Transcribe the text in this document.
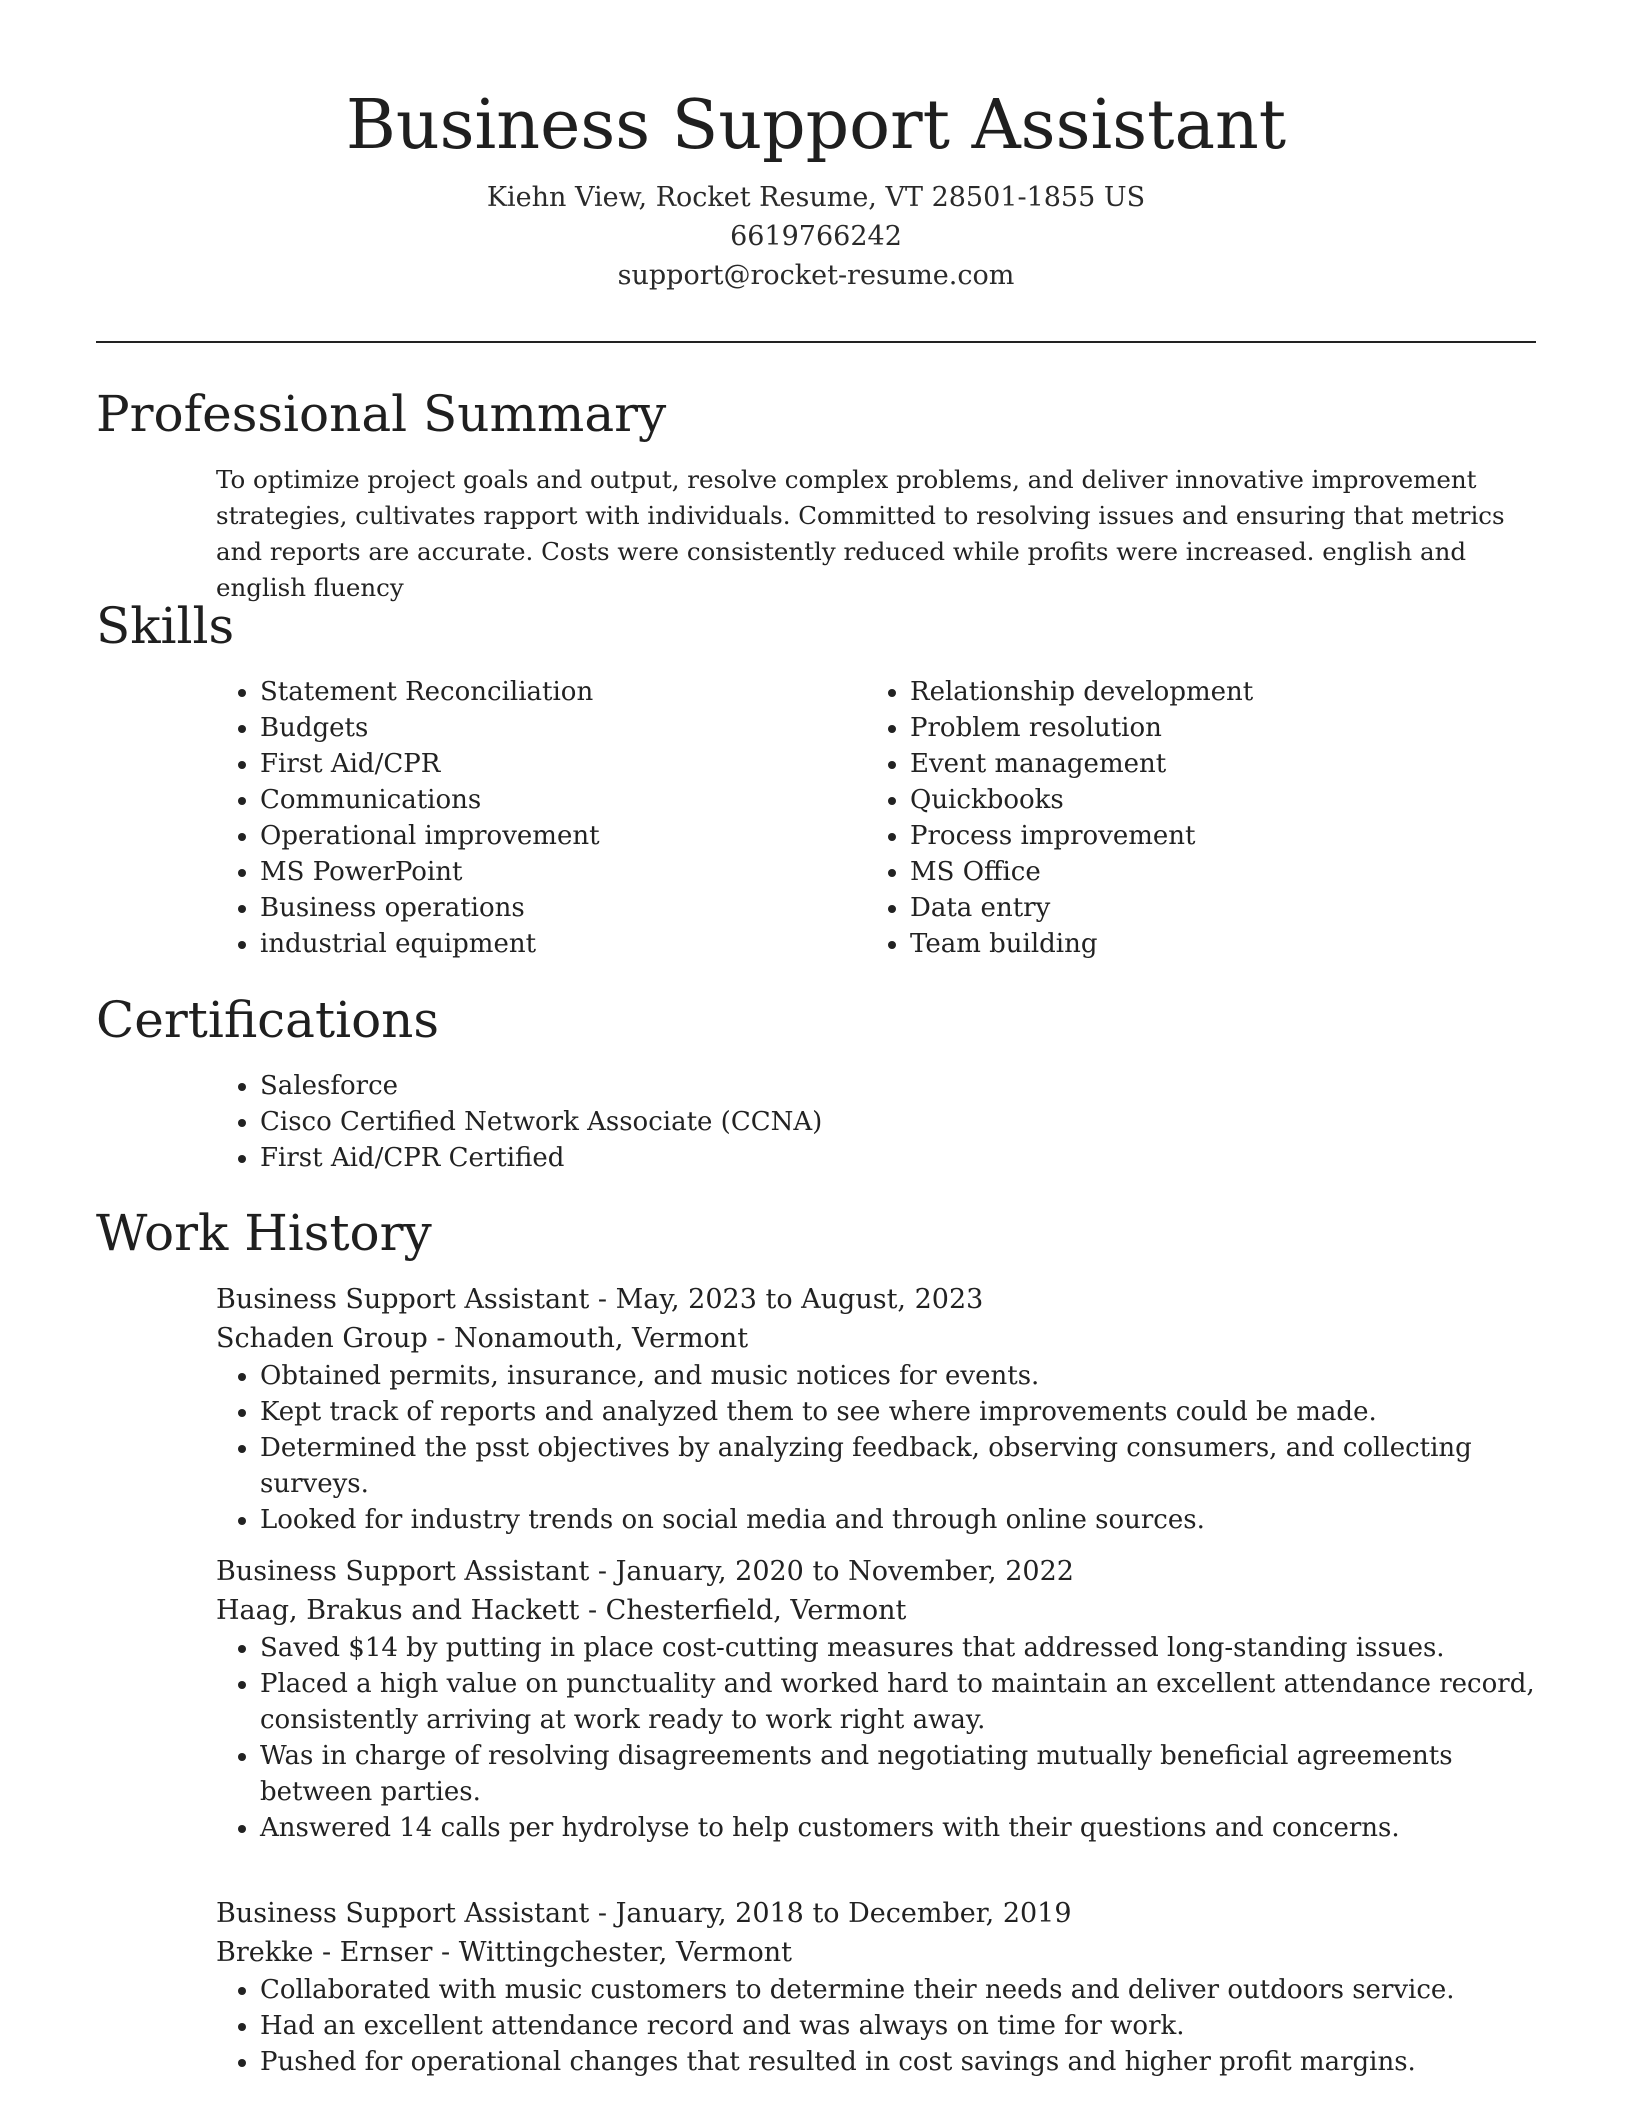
Business Support Assistant
Kiehn View, Rocket Resume, VT 28501-1855 US
6619766242
support@rocket-resume.com
Professional Summary

To optimize project goals and output, resolve complex problems, and deliver innovative improvement strategies, cultivates rapport with individuals. Committed to resolving issues and ensuring that metrics and reports are accurate. Costs were consistently reduced while profits were increased. english and english fluency

Skills
• Statement Reconciliation
• Budgets
• First Aid/CPR
• Communications
• Operational improvement
• MS PowerPoint
• Business operations
• industrial equipment
• Relationship development
• Problem resolution
• Event management
• Quickbooks
• Process improvement
• MS Office
• Data entry
• Team building
Certifications
• Salesforce
• Cisco Certified Network Associate (CCNA)
• First Aid/CPR Certified
Work History
Business Support Assistant - May, 2023 to August, 2023
Schaden Group - Nonamouth, Vermont
• Obtained permits, insurance, and music notices for events.
• Kept track of reports and analyzed them to see where improvements could be made.
• Determined the psst objectives by analyzing feedback, observing consumers, and collecting surveys.
• Looked for industry trends on social media and through online sources.
Business Support Assistant - January, 2020 to November, 2022
Haag, Brakus and Hackett - Chesterfield, Vermont
• Saved $14 by putting in place cost-cutting measures that addressed long-standing issues.
• Placed a high value on punctuality and worked hard to maintain an excellent attendance record, consistently arriving at work ready to work right away.
• Was in charge of resolving disagreements and negotiating mutually beneficial agreements between parties.
• Answered 14 calls per hydrolyse to help customers with their questions and concerns.
Business Support Assistant - January, 2018 to December, 2019
Brekke - Ernser - Wittingchester, Vermont
• Collaborated with music customers to determine their needs and deliver outdoors service.
• Had an excellent attendance record and was always on time for work.
• Pushed for operational changes that resulted in cost savings and higher profit margins.
